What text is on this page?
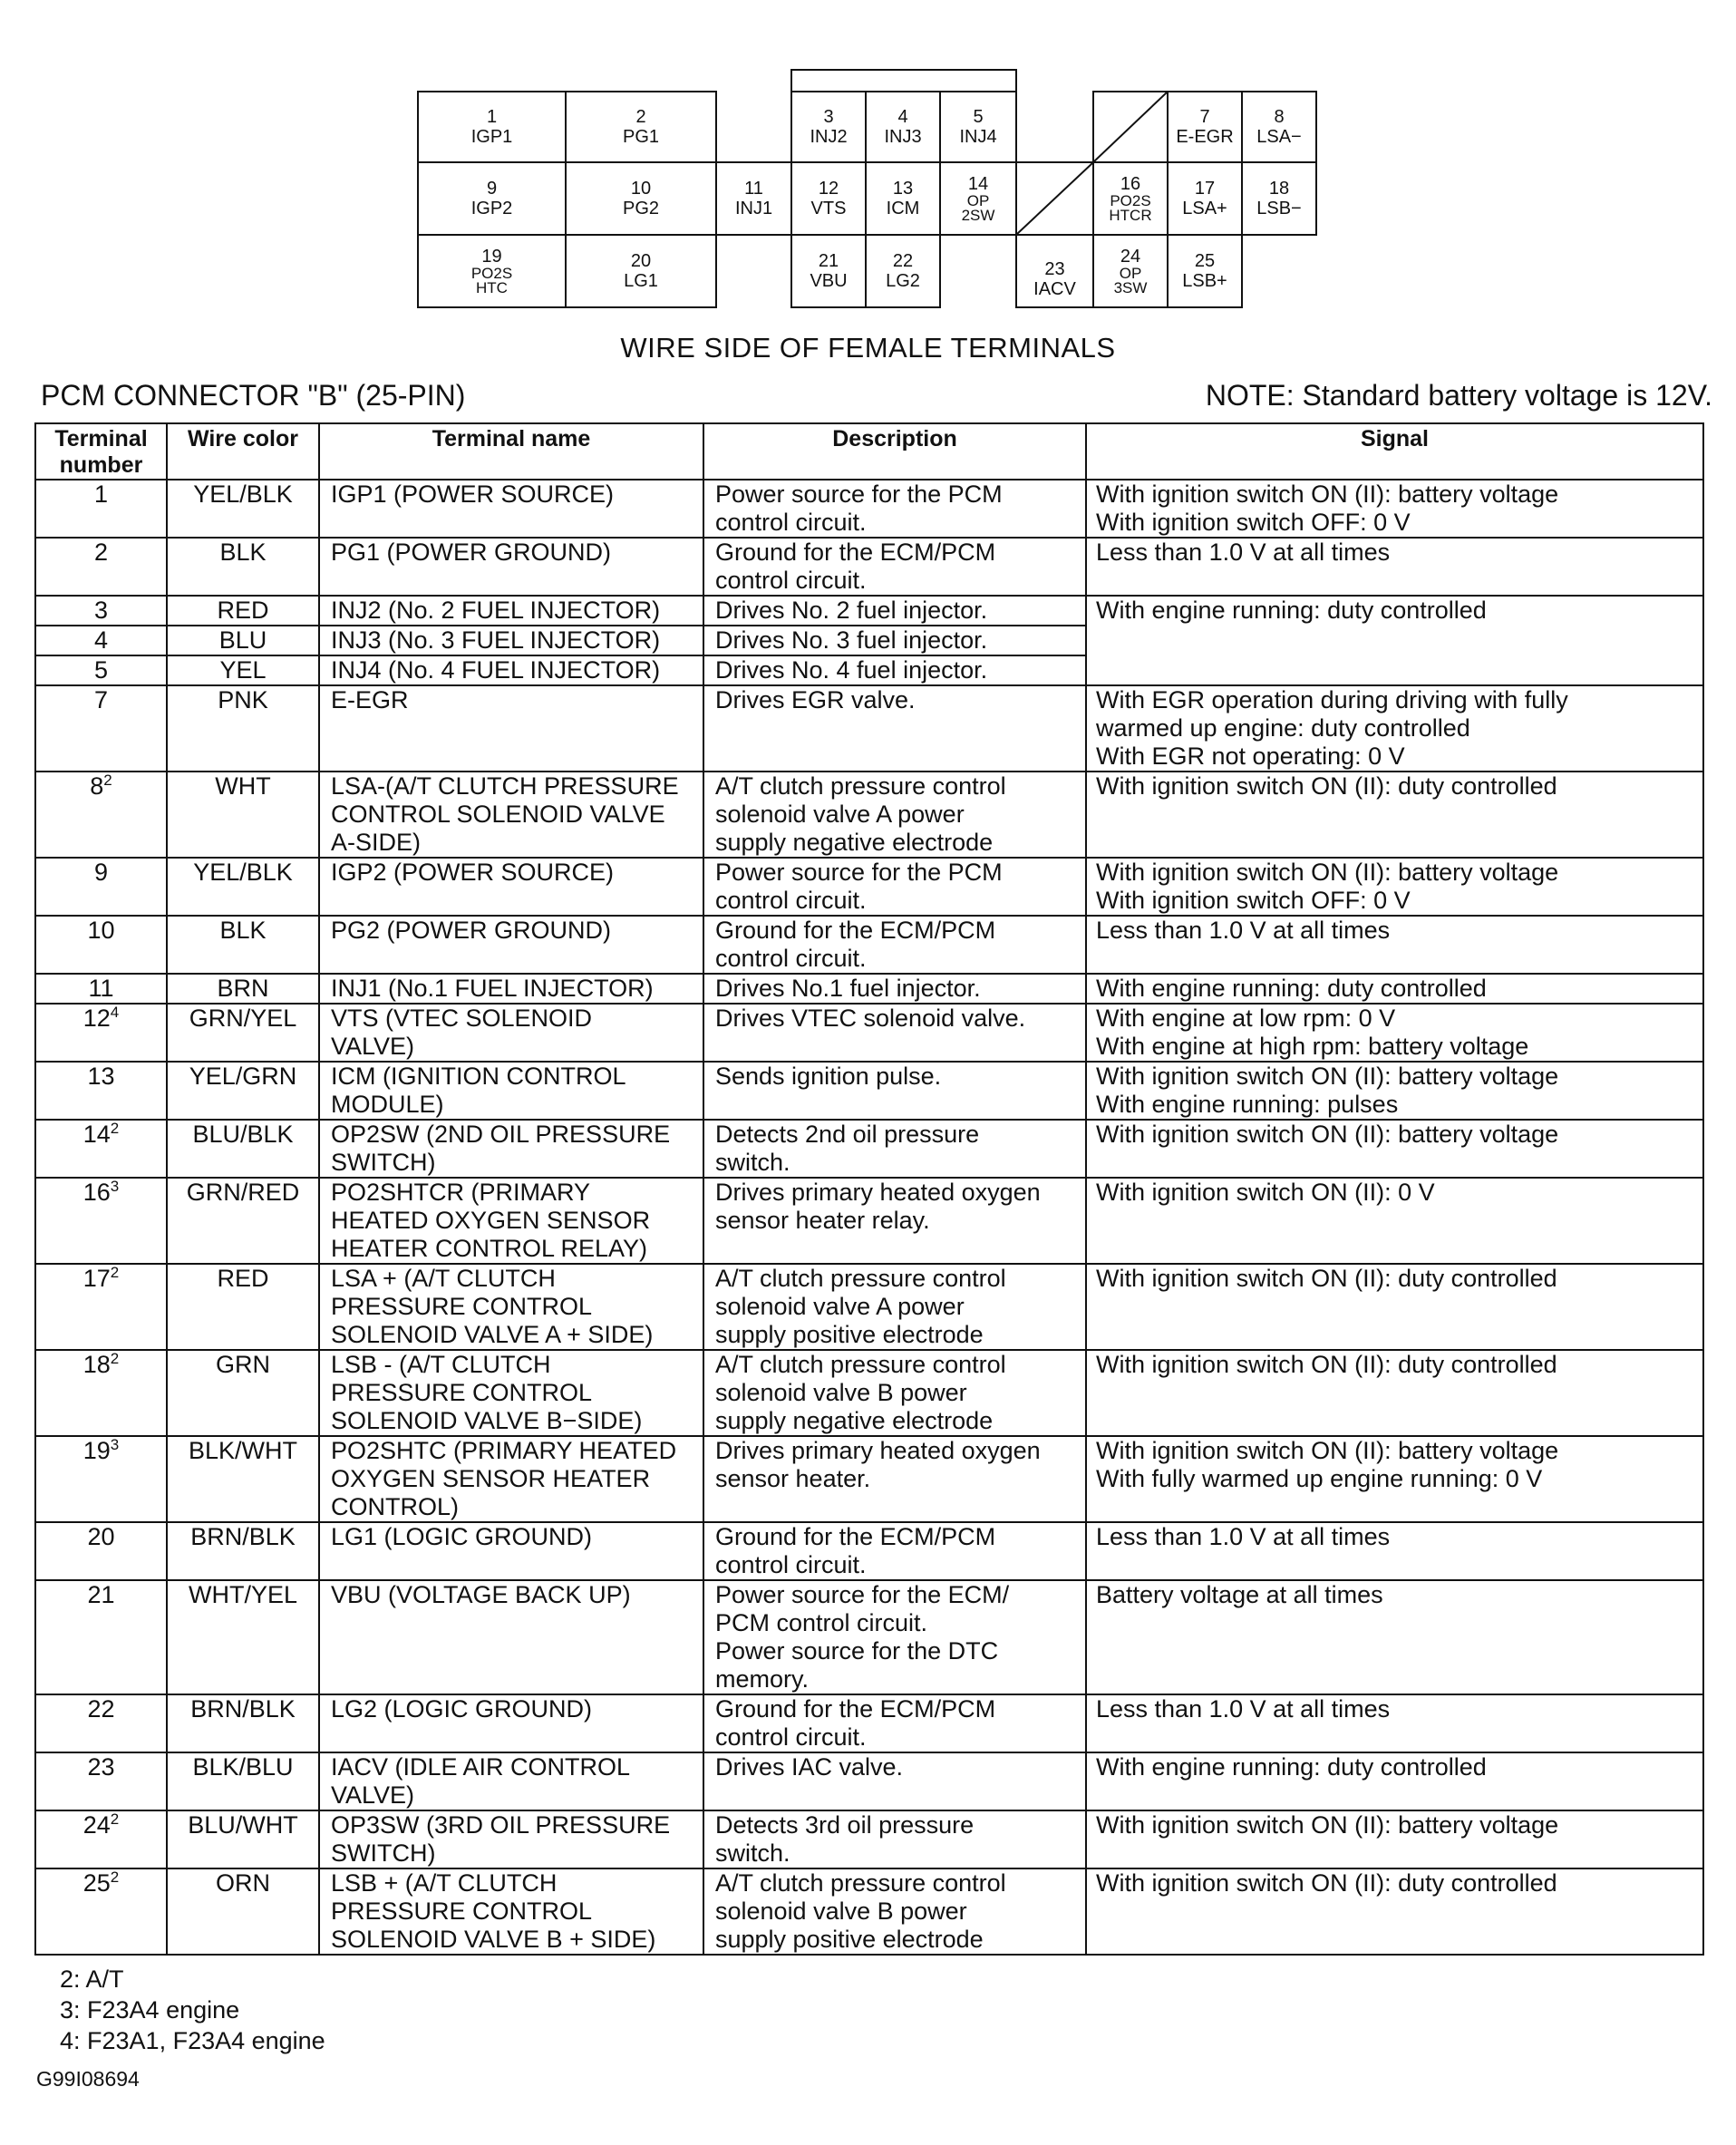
1
IGP1
2
PG1
3
INJ2
4
INJ3
5
INJ4
7
E-EGR
8
LSA−
9
IGP2
10
PG2
11
INJ1
12
VTS
13
ICM
14
OP
2SW
16
PO2S
HTCR
17
LSA+
18
LSB−
19
PO2S
HTC
20
LG1
21
VBU
22
LG2
23
IACV
24
OP
3SW
25
LSB+
WIRE SIDE OF FEMALE TERMINALS
PCM CONNECTOR "B" (25-PIN)	NOTE: Standard battery voltage is 12V.
Terminal
number	Wire color	Terminal name	Description	Signal
1	YEL/BLK	IGP1 (POWER SOURCE)	Power source for the PCM
control circuit.	With ignition switch ON (II): battery voltage
With ignition switch OFF: 0 V
2	BLK	PG1 (POWER GROUND)	Ground for the ECM/PCM
control circuit.	Less than 1.0 V at all times
3	RED	INJ2 (No. 2 FUEL INJECTOR)	Drives No. 2 fuel injector.	With engine running: duty controlled
4	BLU	INJ3 (No. 3 FUEL INJECTOR)	Drives No. 3 fuel injector.	
5	YEL	INJ4 (No. 4 FUEL INJECTOR)	Drives No. 4 fuel injector.	
7	PNK	E-EGR	Drives EGR valve.	With EGR operation during driving with fully
warmed up engine: duty controlled
With EGR not operating: 0 V
$8^2$	WHT	LSA-(A/T CLUTCH PRESSURE
CONTROL SOLENOID VALVE
A-SIDE)	A/T clutch pressure control
solenoid valve A power
supply negative electrode	With ignition switch ON (II): duty controlled
9	YEL/BLK	IGP2 (POWER SOURCE)	Power source for the PCM
control circuit.	With ignition switch ON (II): battery voltage
With ignition switch OFF: 0 V
10	BLK	PG2 (POWER GROUND)	Ground for the ECM/PCM
control circuit.	Less than 1.0 V at all times
11	BRN	INJ1 (No.1 FUEL INJECTOR)	Drives No.1 fuel injector.	With engine running: duty controlled
$12^4$	GRN/YEL	VTS (VTEC SOLENOID
VALVE)	Drives VTEC solenoid valve.	With engine at low rpm: 0 V
With engine at high rpm: battery voltage
13	YEL/GRN	ICM (IGNITION CONTROL
MODULE)	Sends ignition pulse.	With ignition switch ON (II): battery voltage
With engine running: pulses
$14^2$	BLU/BLK	OP2SW (2ND OIL PRESSURE
SWITCH)	Detects 2nd oil pressure
switch.	With ignition switch ON (II): battery voltage
$16^3$	GRN/RED	PO2SHTCR (PRIMARY
HEATED OXYGEN SENSOR
HEATER CONTROL RELAY)	Drives primary heated oxygen
sensor heater relay.	With ignition switch ON (II): 0 V
$17^2$	RED	LSA + (A/T CLUTCH
PRESSURE CONTROL
SOLENOID VALVE A + SIDE)	A/T clutch pressure control
solenoid valve A power
supply positive electrode	With ignition switch ON (II): duty controlled
$18^2$	GRN	LSB - (A/T CLUTCH
PRESSURE CONTROL
SOLENOID VALVE B−SIDE)	A/T clutch pressure control
solenoid valve B power
supply negative electrode	With ignition switch ON (II): duty controlled
$19^3$	BLK/WHT	PO2SHTC (PRIMARY HEATED
OXYGEN SENSOR HEATER
CONTROL)	Drives primary heated oxygen
sensor heater.	With ignition switch ON (II): battery voltage
With fully warmed up engine running: 0 V
20	BRN/BLK	LG1 (LOGIC GROUND)	Ground for the ECM/PCM
control circuit.	Less than 1.0 V at all times
21	WHT/YEL	VBU (VOLTAGE BACK UP)	Power source for the ECM/
PCM control circuit.
Power source for the DTC
memory.	Battery voltage at all times
22	BRN/BLK	LG2 (LOGIC GROUND)	Ground for the ECM/PCM
control circuit.	Less than 1.0 V at all times
23	BLK/BLU	IACV (IDLE AIR CONTROL
VALVE)	Drives IAC valve.	With engine running: duty controlled
$24^2$	BLU/WHT	OP3SW (3RD OIL PRESSURE
SWITCH)	Detects 3rd oil pressure
switch.	With ignition switch ON (II): battery voltage
$25^2$	ORN	LSB + (A/T CLUTCH
PRESSURE CONTROL
SOLENOID VALVE B + SIDE)	A/T clutch pressure control
solenoid valve B power
supply positive electrode	With ignition switch ON (II): duty controlled
2: A/T
3: F23A4 engine
4: F23A1, F23A4 engine
G99I08694
